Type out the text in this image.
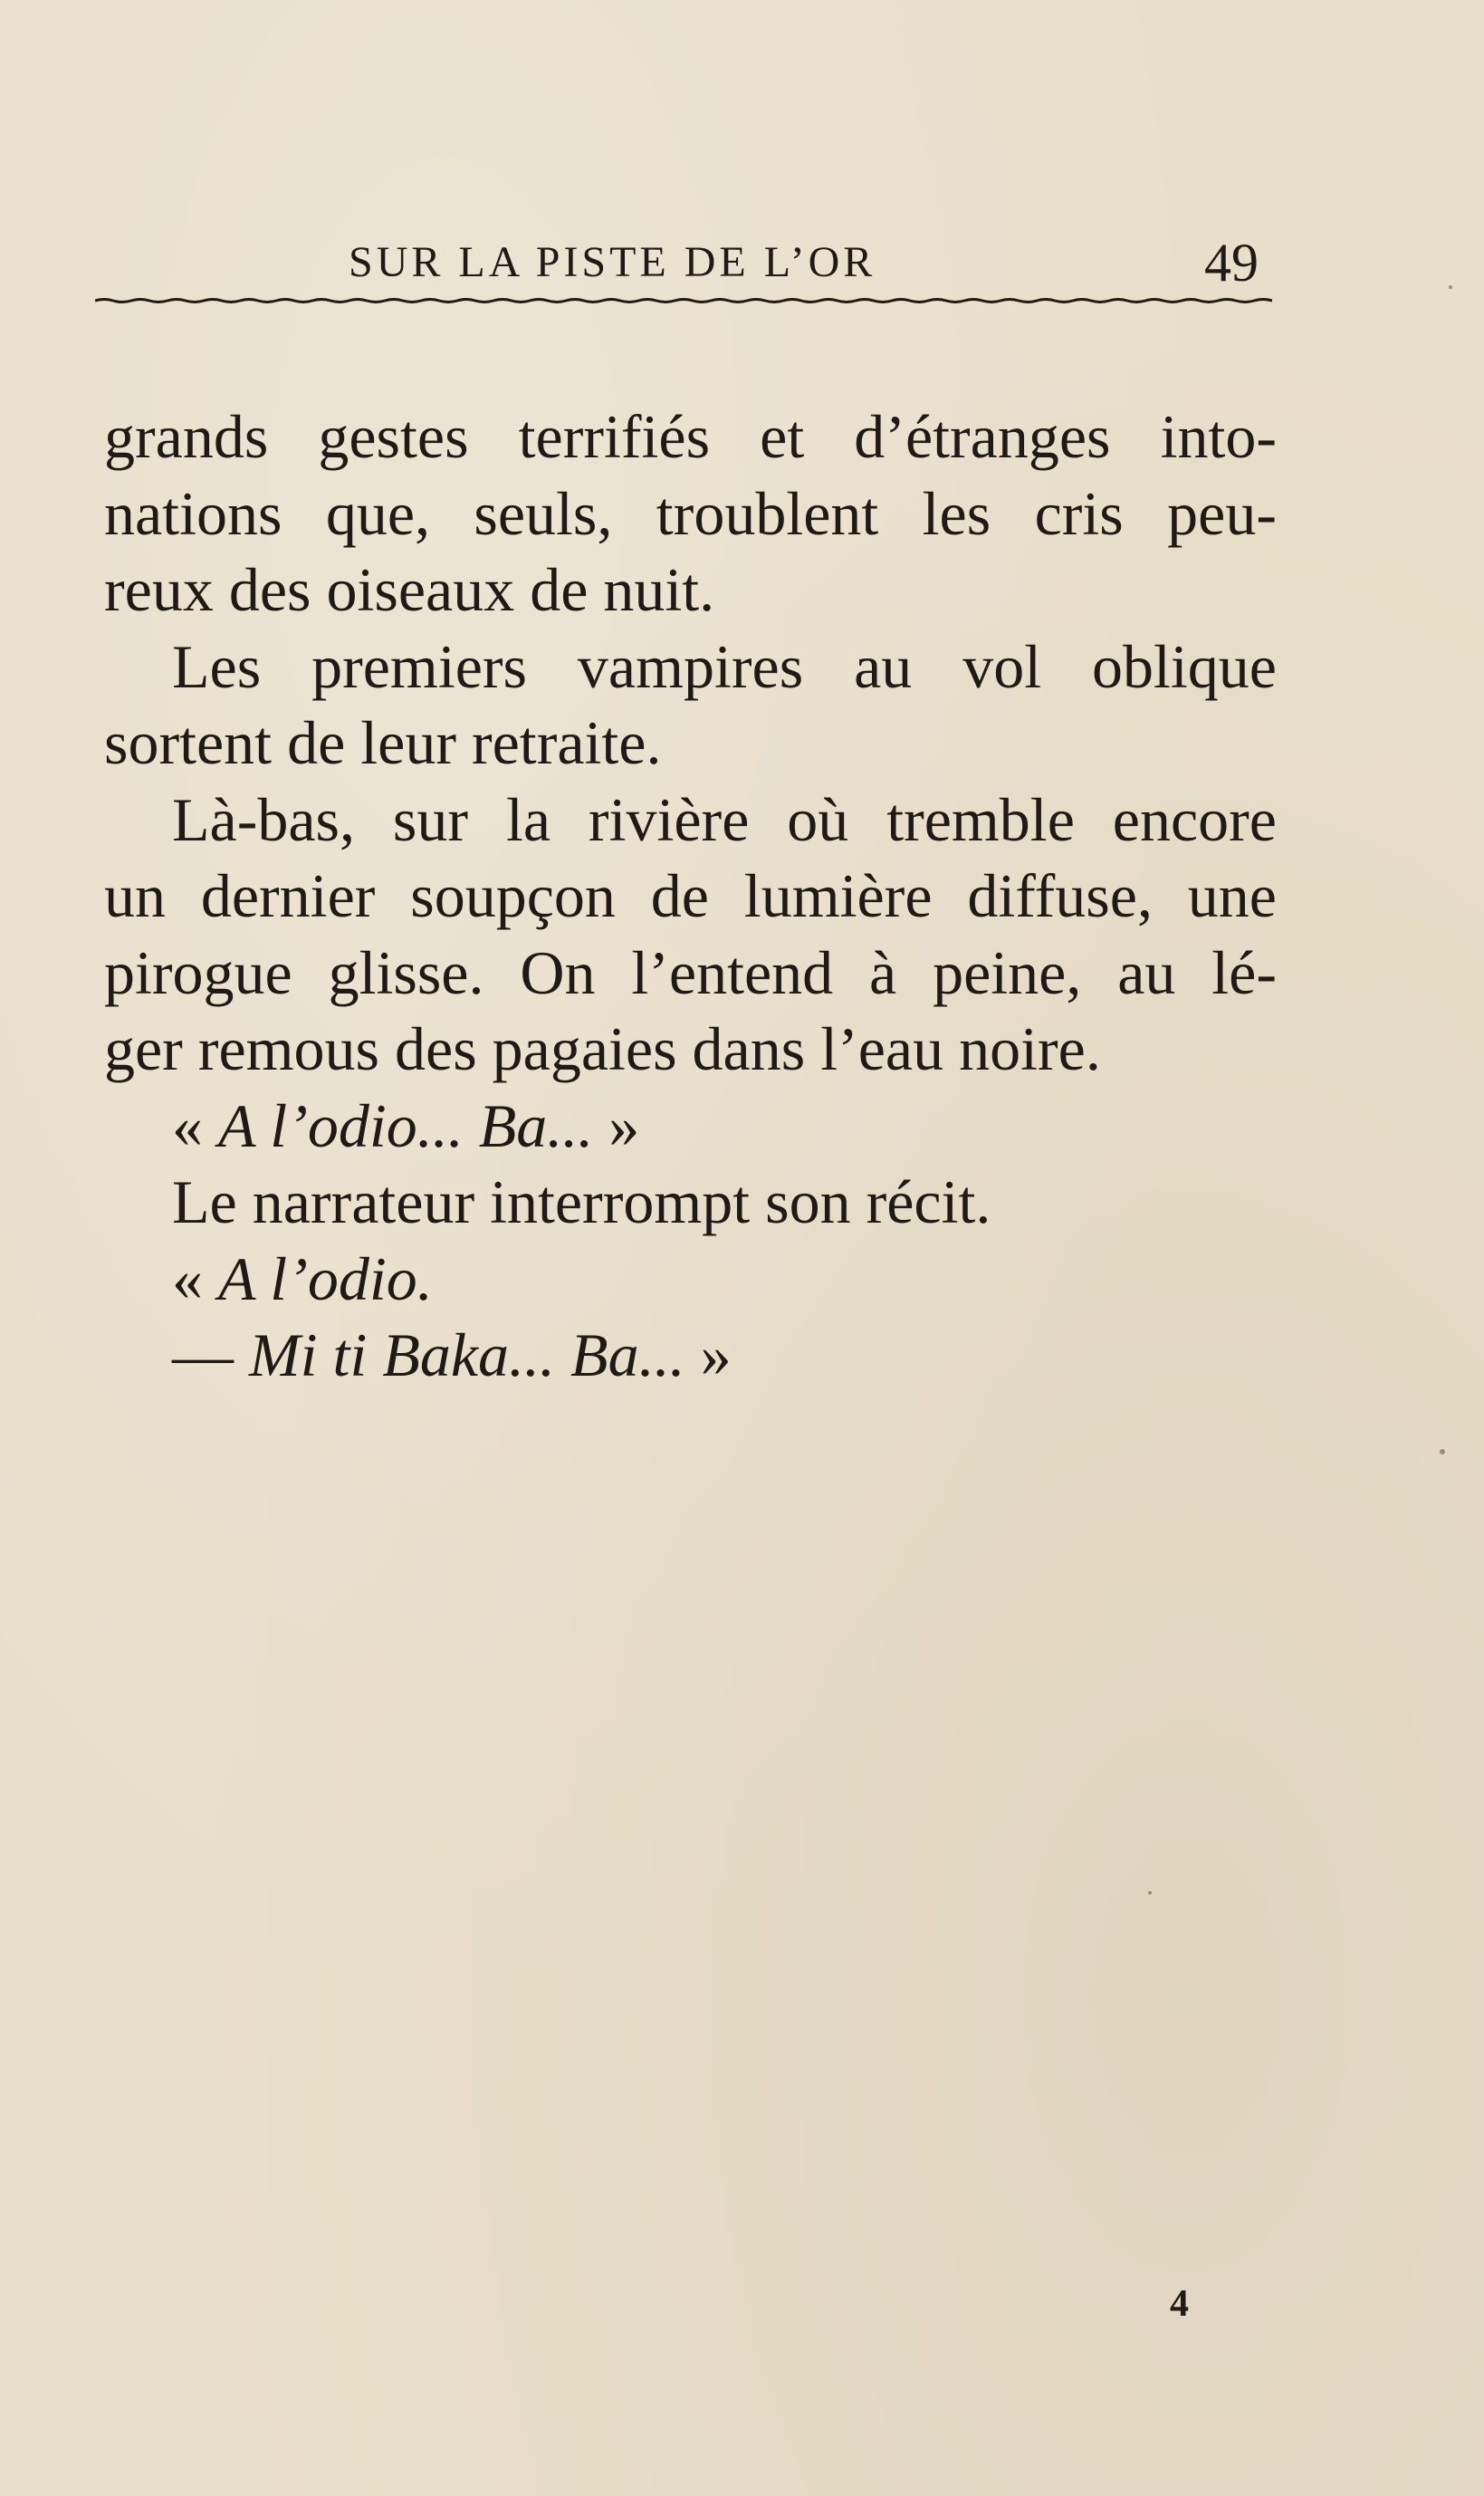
SUR LA PISTE DE L’OR	49
grands gestes terrifiés et d’étranges into-
nations que, seuls, troublent les cris peu-
reux des oiseaux de nuit.
Les premiers vampires au vol oblique
sortent de leur retraite.
Là-bas, sur la rivière où tremble encore
un dernier soupçon de lumière diffuse, une
pirogue glisse. On l’entend à peine, au lé-
ger remous des pagaies dans l’eau noire.
« A l’odio... Ba... »
Le narrateur interrompt son récit.
« A l’odio.
— Mi ti Baka... Ba... »
4
